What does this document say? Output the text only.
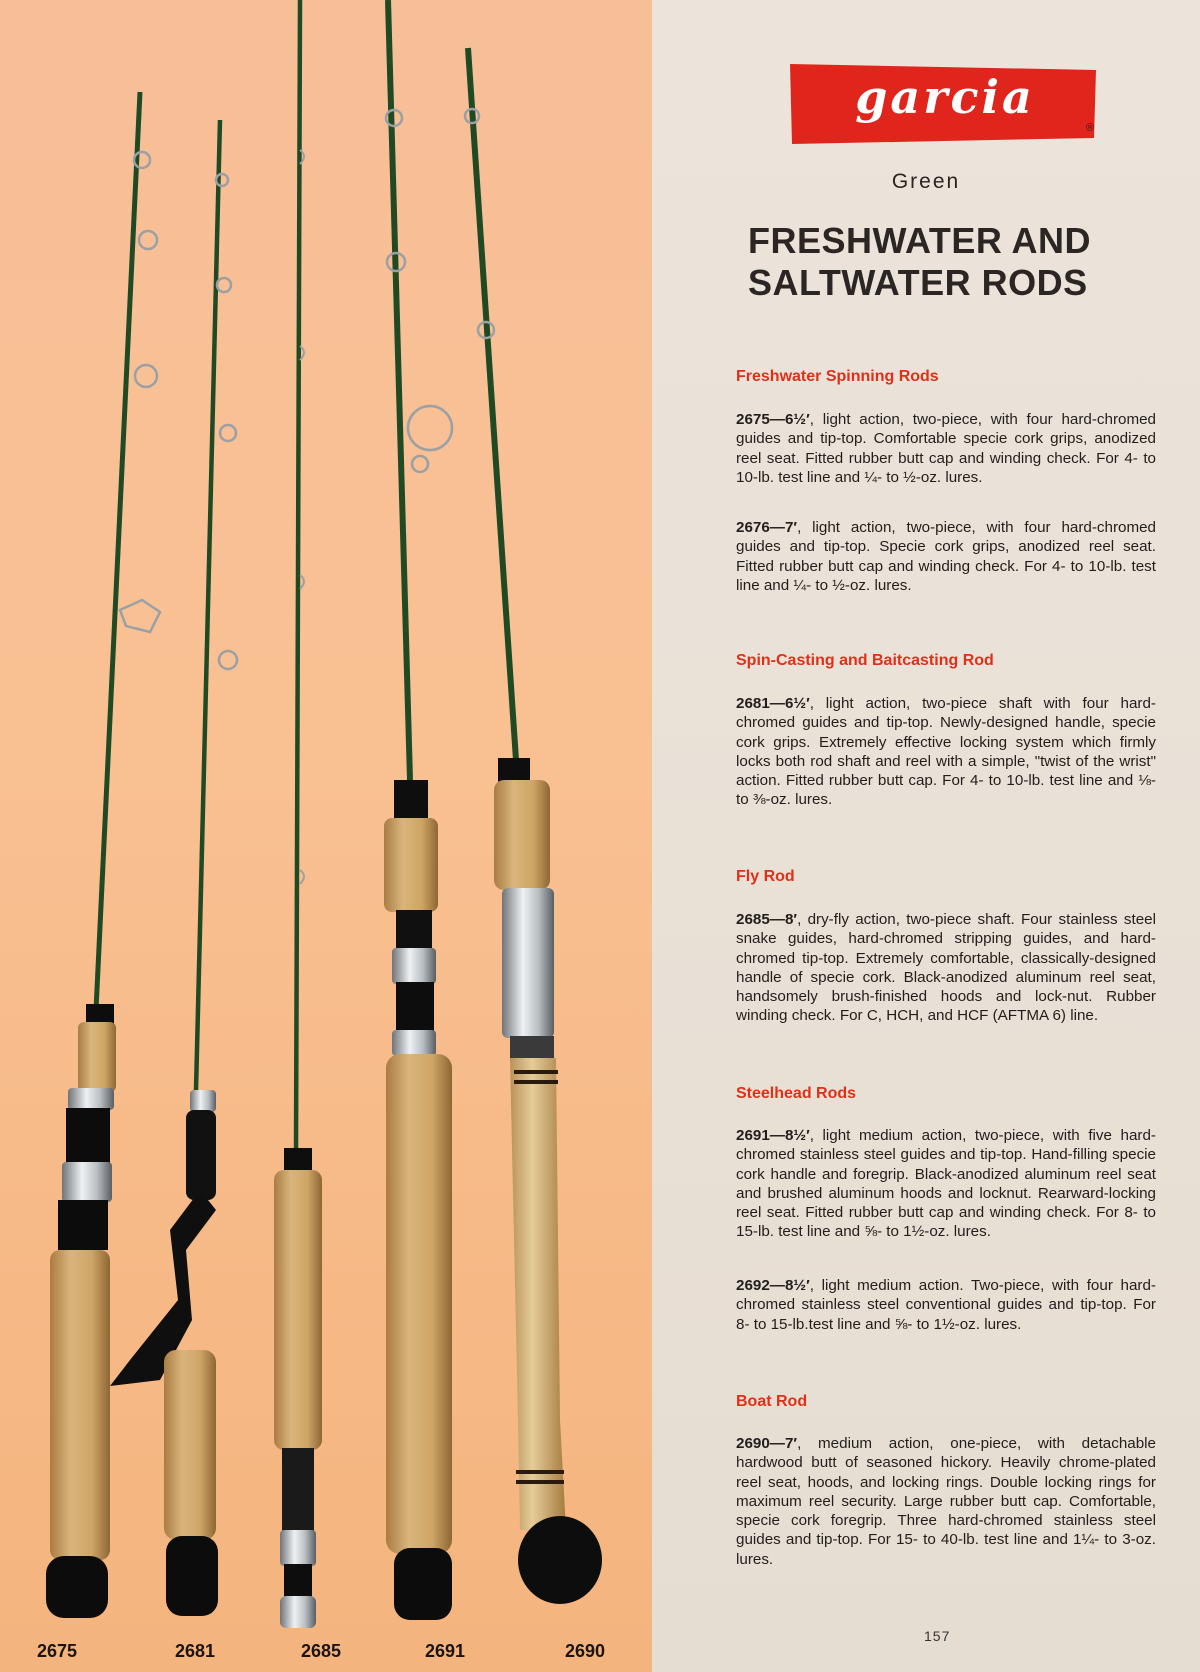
2675	2681	2685	2691	2690
garcia
®
Green
FRESHWATER AND
SALTWATER RODS
Freshwater Spinning Rods
2675—6½′, light action, two-piece, with four hard-chromed guides and tip-top. Comfortable specie cork grips, anodized reel seat. Fitted rubber butt cap and winding check. For 4- to 10-lb. test line and ¼- to ½-oz. lures.
2676—7′, light action, two-piece, with four hard-chromed guides and tip-top. Specie cork grips, anodized reel seat. Fitted rubber butt cap and winding check. For 4- to 10-lb. test line and ¼- to ½-oz. lures.
Spin-Casting and Baitcasting Rod
2681—6½′, light action, two-piece shaft with four hard-chromed guides and tip-top. Newly-designed handle, specie cork grips. Extremely effective locking system which firmly locks both rod shaft and reel with a simple, "twist of the wrist" action. Fitted rubber butt cap. For 4- to 10-lb. test line and ⅛- to ⅜-oz. lures.
Fly Rod
2685—8′, dry-fly action, two-piece shaft. Four stainless steel snake guides, hard-chromed stripping guides, and hard-chromed tip-top. Extremely comfortable, classically-designed handle of specie cork. Black-anodized aluminum reel seat, handsomely brush-finished hoods and lock-nut. Rubber winding check. For C, HCH, and HCF (AFTMA 6) line.
Steelhead Rods
2691—8½′, light medium action, two-piece, with five hard-chromed stainless steel guides and tip-top. Hand-filling specie cork handle and foregrip. Black-anodized aluminum reel seat and brushed aluminum hoods and locknut. Rearward-locking reel seat. Fitted rubber butt cap and winding check. For 8- to 15-lb. test line and ⅝- to 1½-oz. lures.
2692—8½′, light medium action. Two-piece, with four hard-chromed stainless steel conventional guides and tip-top. For 8- to 15-lb.test line and ⅝- to 1½-oz. lures.
Boat Rod
2690—7′, medium action, one-piece, with detachable hardwood butt of seasoned hickory. Heavily chrome-plated reel seat, hoods, and locking rings. Double locking rings for maximum reel security. Large rubber butt cap. Comfortable, specie cork foregrip. Three hard-chromed stainless steel guides and tip-top. For 15- to 40-lb. test line and 1¼- to 3-oz. lures.
157
